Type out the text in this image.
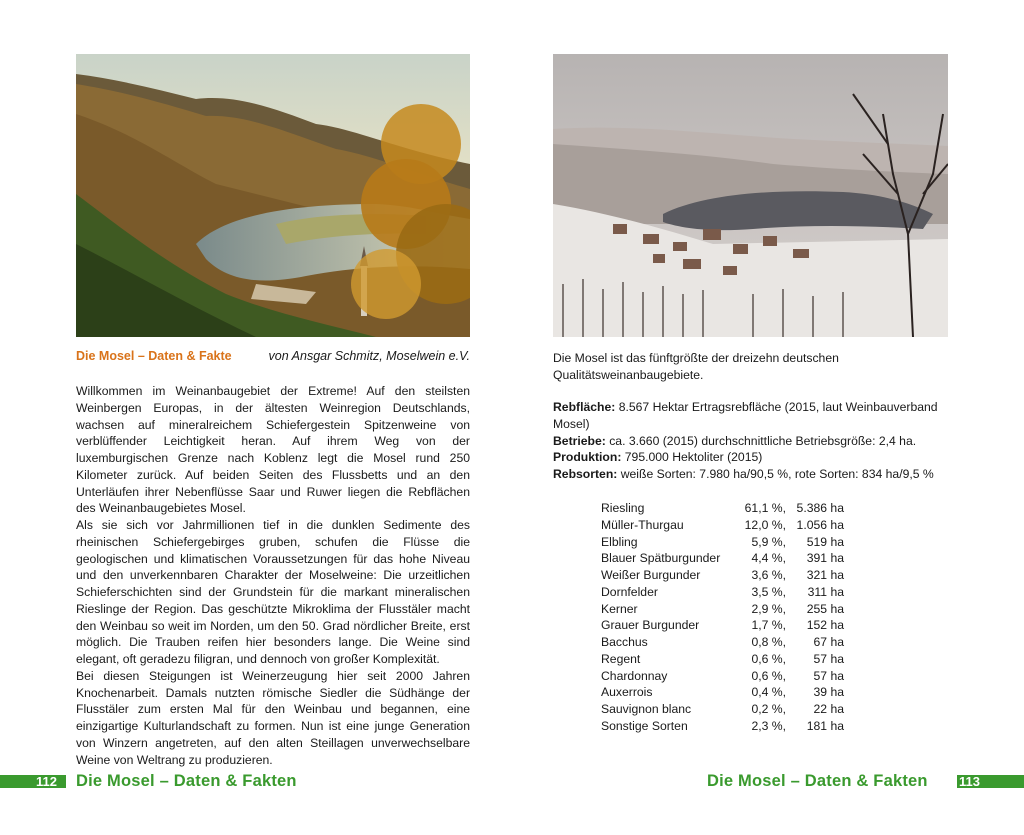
Die Mosel – Daten & Fakte	von Ansgar Schmitz, Moselwein e.V.

Willkommen im Weinanbaugebiet der Extreme! Auf den steilsten Weinbergen Europas, in der ältesten Weinregion Deutschlands, wachsen auf mineralreichem Schiefergestein Spitzenweine von verblüffender Leichtigkeit heran. Auf ihrem Weg von der luxemburgischen Grenze nach Koblenz legt die Mosel rund 250 Kilometer zurück. Auf beiden Seiten des Flussbetts und an den Unterläufen ihrer Nebenflüsse Saar und Ruwer liegen die Rebflächen des Weinanbaugebietes Mosel.

Als sie sich vor Jahrmillionen tief in die dunklen Sedimente des rheinischen Schiefergebirges gruben, schufen die Flüsse die geologischen und klimatischen Voraussetzungen für das hohe Niveau und den unverkennbaren Charakter der Moselweine: Die urzeitlichen Schieferschichten sind der Grundstein für die markant mineralischen Rieslinge der Region. Das geschützte Mikroklima der Flusstäler macht den Weinbau so weit im Norden, um den 50. Grad nördlicher Breite, erst möglich. Die Trauben reifen hier besonders lange. Die Weine sind elegant, oft geradezu filigran, und dennoch von großer Komplexität.

Bei diesen Steigungen ist Weinerzeugung hier seit 2000 Jahren Knochenarbeit. Damals nutzten römische Siedler die Südhänge der Flusstäler zum ersten Mal für den Weinbau und begannen, eine einzigartige Kulturlandschaft zu formen. Nun ist eine junge Generation von Winzern angetreten, auf den alten Steillagen unverwechselbare Weine von Weltrang zu produzieren.

Die Mosel ist das fünftgrößte der dreizehn deutschen Qualitätsweinanbaugebiete.
Rebfläche: 8.567 Hektar Ertragsrebfläche (2015, laut Weinbauverband Mosel)
Betriebe: ca. 3.660 (2015) durchschnittliche Betriebsgröße: 2,4 ha.
Produktion: 795.000 Hektoliter (2015)
Rebsorten: weiße Sorten: 7.980 ha/90,5 %, rote Sorten: 834 ha/9,5 %
Riesling	61,1 %, 5.386 ha
Müller-Thurgau	12,0 %, 1.056 ha
Elbling	5,9 %, 519 ha
Blauer Spätburgunder	4,4 %, 391 ha
Weißer Burgunder	3,6 %, 321 ha
Dornfelder	3,5 %, 311 ha
Kerner	2,9 %, 255 ha
Grauer Burgunder	1,7 %, 152 ha
Bacchus	0,8 %, 67 ha
Regent	0,6 %, 57 ha
Chardonnay	0,6 %, 57 ha
Auxerrois	0,4 %, 39 ha
Sauvignon blanc	0,2 %, 22 ha
Sonstige Sorten	2,3 %, 181 ha
112 Die Mosel – Daten & Fakten	113
Die Mosel – Daten & Fakten
